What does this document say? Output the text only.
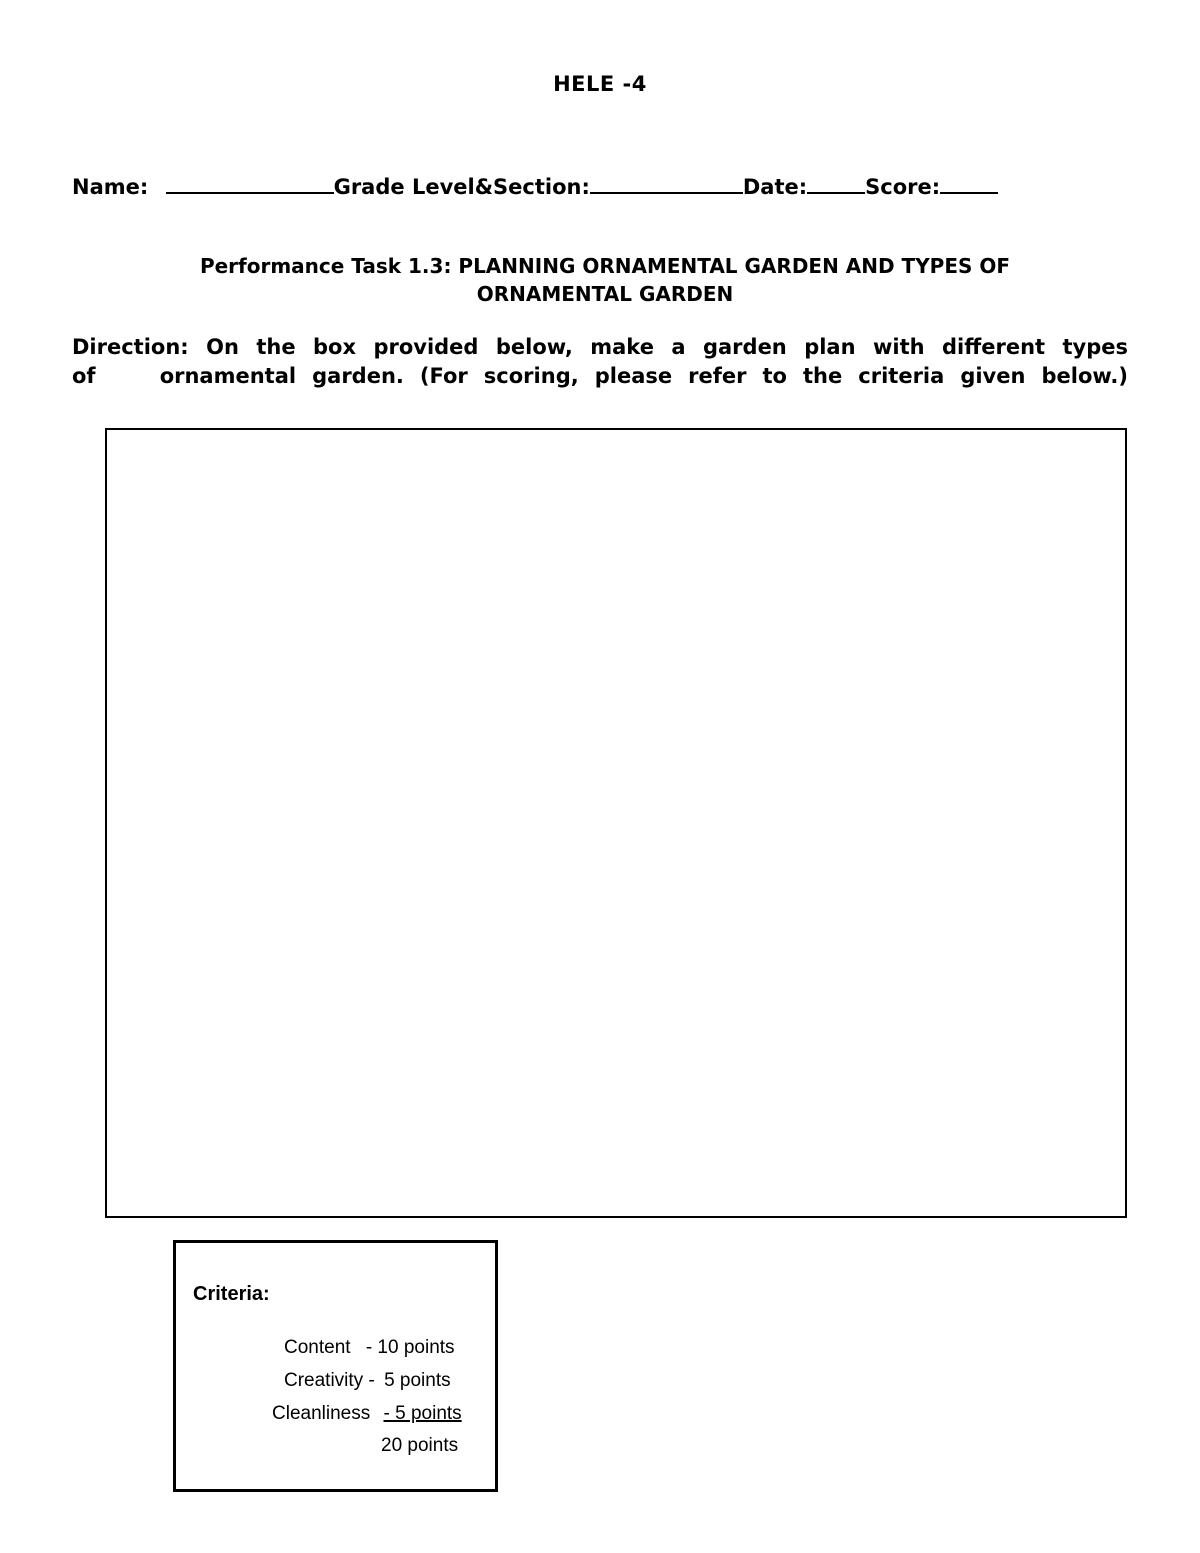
HELE -4
Name:	Grade Level&Section:	Date:	Score:
Performance Task 1.3: PLANNING ORNAMENTAL GARDEN AND TYPES OF
ORNAMENTAL GARDEN
Direction: On the box provided below, make a garden plan with different types
of    ornamental garden. (For scoring, please refer to the criteria given below.)
Criteria:
Content - 10 points
Creativity - 5 points
Cleanliness - 5 points
20 points
